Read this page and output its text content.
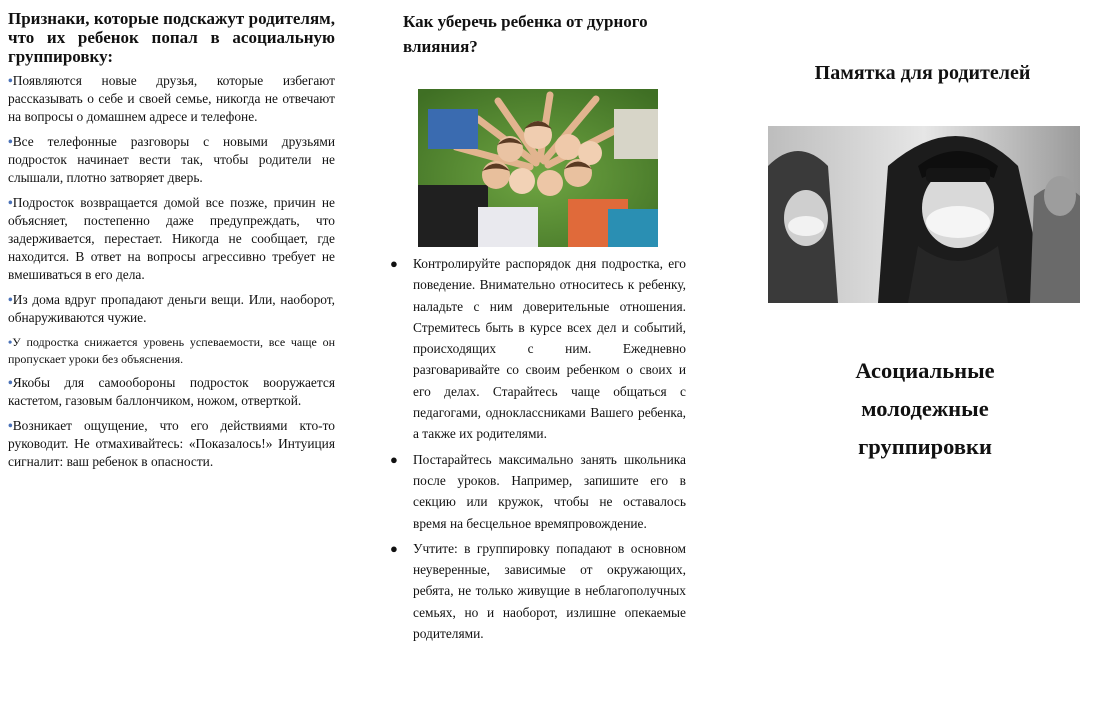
Признаки, которые подскажут родителям, что их ребенок попал в асоциальную группировку:

•Появляются новые друзья, которые избегают рассказывать о себе и своей семье, никогда не отвечают на вопросы о домашнем адресе и телефоне.

•Все телефонные разговоры с новыми друзьями подросток начинает вести так, чтобы родители не слышали, плотно затворяет дверь.

•Подросток возвращается домой все позже, причин не объясняет, постепенно даже предупреждать, что задерживается, перестает. Никогда не сообщает, где находится. В ответ на вопросы агрессивно требует не вмешиваться в его дела.

•Из дома вдруг пропадают деньги вещи. Или, наоборот, обнаруживаются чужие.

•У подростка снижается уровень успеваемости, все чаще он пропускает уроки без объяснения.

•Якобы для самообороны подросток вооружается кастетом, газовым баллончиком, ножом, отверткой.

•Возникает ощущение, что его действиями кто-то руководит. Не отмахивайтесь: «Показалось!» Интуиция сигналит: ваш ребенок в опасности.

Как уберечь ребенка от дурного влияния?
● Контролируйте распорядок дня подростка, его поведение. Внимательно относитесь к ребенку, наладьте с ним доверительные отношения. Стремитесь быть в курсе всех дел и событий, происходящих с ним. Ежедневно разговаривайте со своим ребенком о своих и его делах. Старайтесь чаще общаться с педагогами, одноклассниками Вашего ребенка, а также их родителями.
● Постарайтесь максимально занять школьника после уроков. Например, запишите его в секцию или кружок, чтобы не оставалось время на бесцельное времяпровождение.
● Учтите: в группировку попадают в основном неуверенные, зависимые от окружающих, ребята, не только живущие в неблагополучных семьях, но и наоборот, излишне опекаемые родителями.
Памятка для родителей
Асоциальные
молодежные
группировки
